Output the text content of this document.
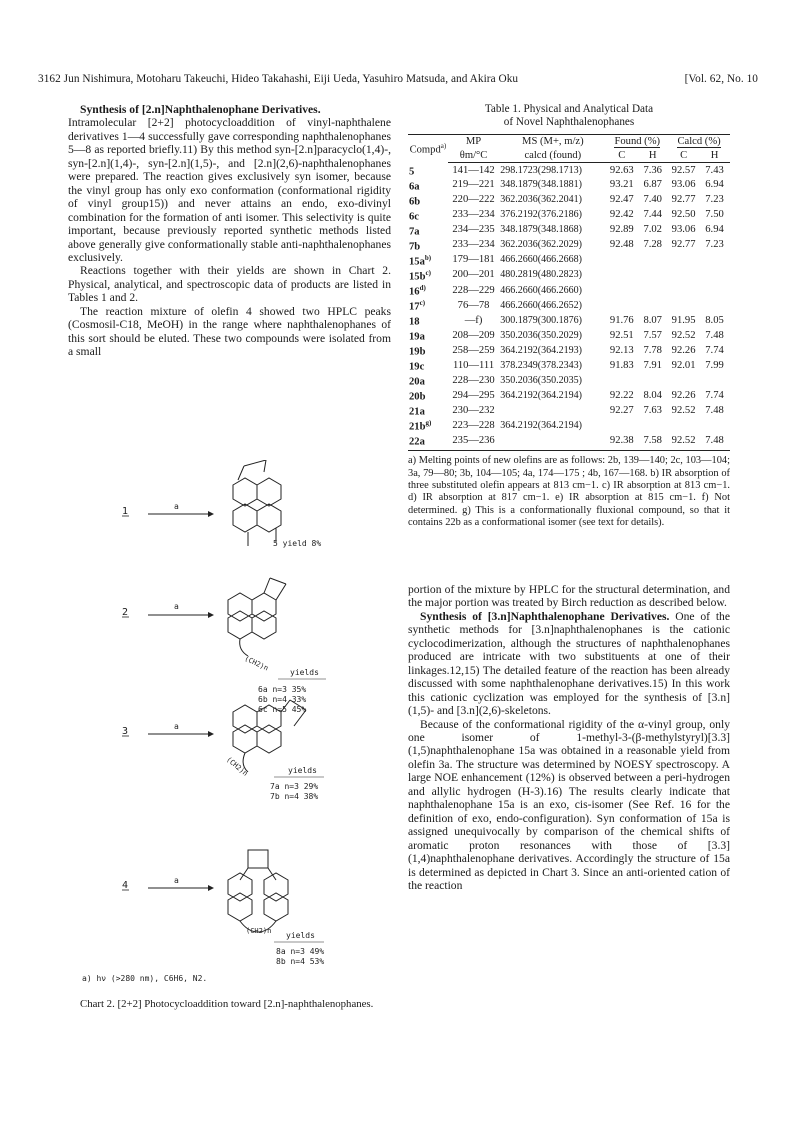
3162 Jun Nishimura, Motoharu Takeuchi, Hideo Takahashi, Eiji Ueda, Yasuhiro Matsuda, and Akira Oku	[Vol. 62, No. 10

Synthesis of [2.n]Naphthalenophane Derivatives.

Intramolecular [2+2] photocycloaddition of vinyl-naphthalene derivatives 1—4 successfully gave corresponding naphthalenophanes 5—8 as reported briefly.11) By this method syn-[2.n]paracyclo(1,4)-, syn-[2.n](1,4)-, syn-[2.n](1,5)-, and [2.n](2,6)-naphthalenophanes were prepared. The reaction gives exclusively syn isomer, because the vinyl group has only exo conformation (conformational rigidity of vinyl group15)) and never attains an endo, exo-divinyl combination for the formation of anti isomer. This selectivity is quite important, because previously reported synthetic methods listed above generally give conformationally stable anti-naphthalenophanes exclusively.

Reactions together with their yields are shown in Chart 2. Physical, analytical, and spectroscopic data of products are listed in Tables 1 and 2.

The reaction mixture of olefin 4 showed two HPLC peaks (Cosmosil-C18, MeOH) in the range where naphthalenophanes of this sort should be eluted. These two compounds were isolated from a small

Table 1. Physical and Analytical Data
of Novel Naphthalenophanes
Compd$^{a)}$	MP	MS (M+, m/z)	Found (%)		Calcd (%)	
	θm/°C	calcd (found)	C	H	C	H
5	141—142	298.1723(298.1713)	92.63	7.36	92.57	7.43
6a	219—221	348.1879(348.1881)	93.21	6.87	93.06	6.94
6b	220—222	362.2036(362.2041)	92.47	7.40	92.77	7.23
6c	233—234	376.2192(376.2186)	92.42	7.44	92.50	7.50
7a	234—235	348.1879(348.1868)	92.89	7.02	93.06	6.94
7b	233—234	362.2036(362.2029)	92.48	7.28	92.77	7.23
$15a^{b)}$	179—181	466.2660(466.2668)				
$15b^{c)}$	200—201	480.2819(480.2823)				
16$^{d)}$	228—229	466.2660(466.2660)				
17$^{c)}$	76—78	466.2660(466.2652)				
18	—f)	300.1879(300.1876)	91.76	8.07	91.95	8.05
19a	208—209	350.2036(350.2029)	92.51	7.57	92.52	7.48
19b	258—259	364.2192(364.2193)	92.13	7.78	92.26	7.74
19c	110—111	378.2349(378.2343)	91.83	7.91	92.01	7.99
20a	228—230	350.2036(350.2035)				
20b	294—295	364.2192(364.2194)	92.22	8.04	92.26	7.74
21a	230—232		92.27	7.63	92.52	7.48
$21b^{g)}$	223—228	364.2192(364.2194)				
22a	235—236		92.38	7.58	92.52	7.48
a) Melting points of new olefins are as follows: 2b, 139—140; 2c, 103—104; 3a, 79—80; 3b, 104—105; 4a, 174—175 ; 4b, 167—168. b) IR absorption of three substituted olefin appears at 813 cm−1. c) IR absorption at 813 cm−1. d) IR absorption at 817 cm−1. e) IR absorption at 815 cm−1. f) Not determined. g) This is a conformationally fluxional compound, so that it contains 22b as a conformational isomer (see text for details).
1	a
5 yield 8%
2
a
(CH2)n	yields
6a n=3 35%
6b n=4 33%
6c n=5 45%
3	a
(CH2)n	yields
7a n=3 29%
7b n=4 38%
4	a
(CH2)n yields
8a n=3 49%
8b n=4 53%
a) hν (>280 nm), C6H6, N2.
Chart 2. [2+2] Photocycloaddition toward [2.n]-naphthalenophanes.

portion of the mixture by HPLC for the structural determination, and the major portion was treated by Birch reduction as described below.

Synthesis of [3.n]Naphthalenophane Derivatives. One of the synthetic methods for [3.n]naphthalenophanes is the cationic cyclocodimerization, although the structures of naphthalenophanes produced are intricate with two substituents at one of their linkages.12,15) The detailed feature of the reaction has been already discussed with some naphthalenophane derivatives.15) In this work this cationic cyclization was employed for the synthesis of [3.n](1,5)- and [3.n](2,6)-skeletons.

Because of the conformational rigidity of the α-vinyl group, only one isomer of 1-methyl-3-(β-methylstyryl)[3.3](1,5)naphthalenophane 15a was obtained in a reasonable yield from olefin 3a. The structure was determined by NOESY spectroscopy. A large NOE enhancement (12%) is observed between a peri-hydrogen and allylic hydrogen (H-3).16) The results clearly indicate that naphthalenophane 15a is an exo, cis-isomer (See Ref. 16 for the definition of exo, endo-configuration). Syn conformation of 15a is assigned unequivocally by comparison of the chemical shifts of aromatic proton resonances with those of [3.3](1,4)naphthalenophane derivatives. Accordingly the structure of 15a is determined as depicted in Chart 3. Since an anti-oriented cation of the reaction
